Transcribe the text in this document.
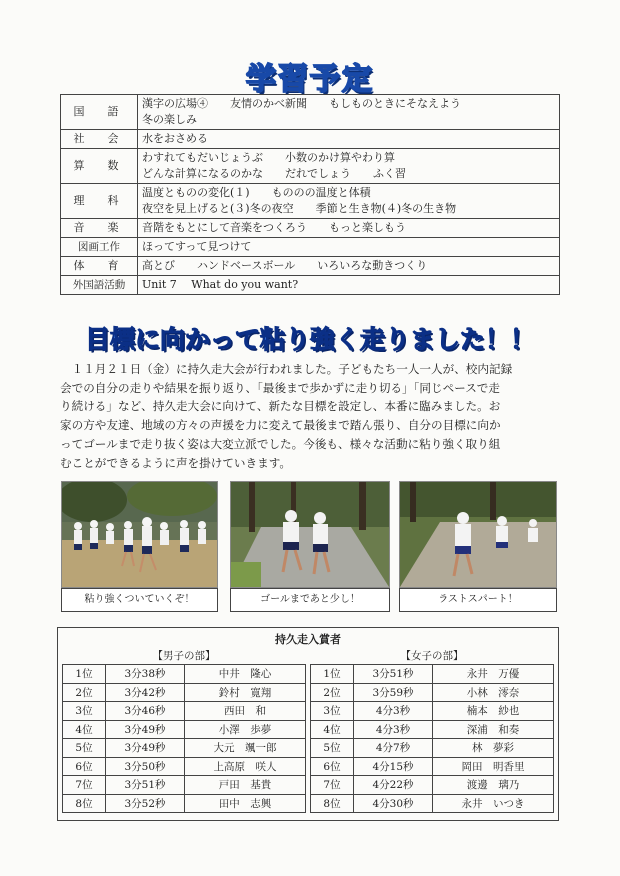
学習予定
国　語	漢字の広場④　　友情のかべ新聞　　もしものときにそなえよう
冬の楽しみ

社　会	水をおさめる

算　数	わすれてもだいじょうぶ　　小数のかけ算やわり算
どんな計算になるのかな　　だれでしょう　　ふく習

理　科	温度とものの変化(１)　　もののの温度と体積
夜空を見上げると(３)冬の夜空　　季節と生き物(４)冬の生き物

音　楽	音階をもとにして音楽をつくろう　　もっと楽しもう

図画工作	ほってすって見つけて

体　育	高とび　　ハンドベースボール　　いろいろな動きつくり

外国語活動	Unit 7　 What do you want?
目標に向かって粘り強く走りました！！
　１１月２１日（金）に持久走大会が行われました。子どもたち一人一人が、校内記録
会での自分の走りや結果を振り返り、「最後まで歩かずに走り切る」「同じペースで走
り続ける」など、持久走大会に向けて、新たな目標を設定し、本番に臨みました。お
家の方や友達、地域の方々の声援を力に変えて最後まで踏ん張り、自分の目標に向か
ってゴールまで走り抜く姿は大変立派でした。今後も、様々な活動に粘り強く取り組
むことができるように声を掛けていきます。
粘り強くついていくぞ！	ゴールまであと少し！	ラストスパート！
持久走入賞者
【男子の部】
1位	3分38秒	中井　隆心
2位	3分42秒	鈴村　寛翔
3位	3分46秒	西田　和
4位	3分49秒	小澤　歩夢
5位	3分49秒	大元　颯一郎
6位	3分50秒	上高原　咲人
7位	3分51秒	戸田　基貴
8位	3分52秒	田中　志興
【女子の部】
1位	3分51秒	永井　万優
2位	3分59秒	小林　澪奈
3位	4分3秒	楠本　紗也
4位	4分3秒	深浦　和奏
5位	4分7秒	林　夢彩
6位	4分15秒	岡田　明香里
7位	4分22秒	渡邊　璃乃
8位	4分30秒	永井　いつき
